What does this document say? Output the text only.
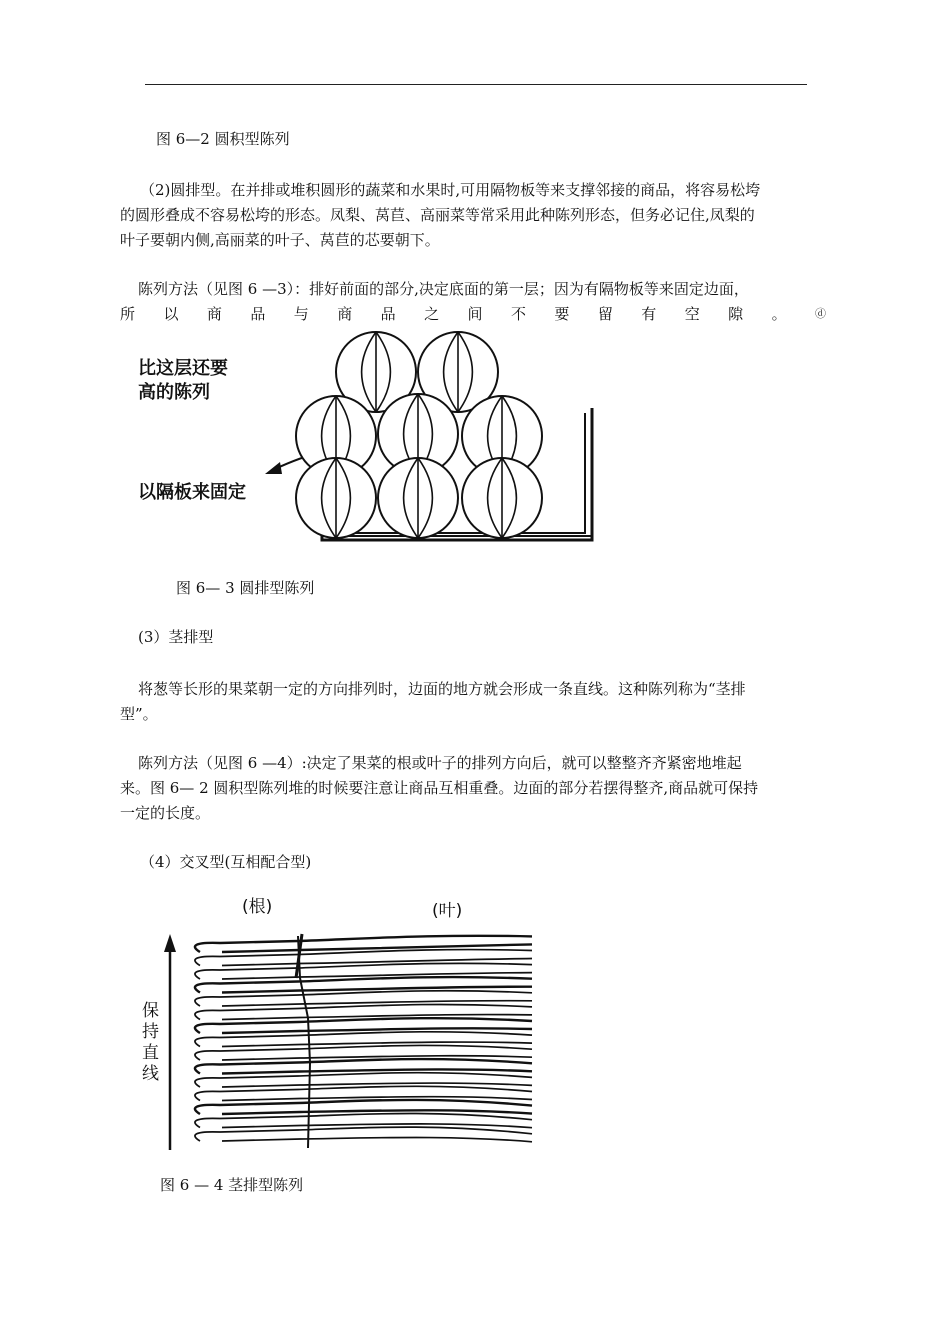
图 6—2 圆积型陈列
（2)圆排型。在并排或堆积圆形的蔬菜和水果时,可用隔物板等来支撑邻接的商品，将容易松垮
的圆形叠成不容易松垮的形态。凤梨、莴苣、高丽菜等常采用此种陈列形态，但务必记住,凤梨的
叶子要朝内侧,高丽菜的叶子、莴苣的芯要朝下。
陈列方法（见图 6 —3）：排好前面的部分,决定底面的第一层；因为有隔物板等来固定边面，
所 以 商 品 与 商 品 之 间 不 要 留 有 空 隙 。	ⓓ
比这层还要
高的陈列
以隔板来固定
图 6— 3 圆排型陈列
(3）茎排型
将葱等长形的果菜朝一定的方向排列时，边面的地方就会形成一条直线。这种陈列称为“茎排
型”。
陈列方法（见图 6 —4）:决定了果菜的根或叶子的排列方向后，就可以整整齐齐紧密地堆起
来。图 6— 2 圆积型陈列堆的时候要注意让商品互相重叠。边面的部分若摆得整齐,商品就可保持
一定的长度。
（4）交叉型(互相配合型)
(根)	(叶)
保
持
直
线
图 6 — 4 茎排型陈列
